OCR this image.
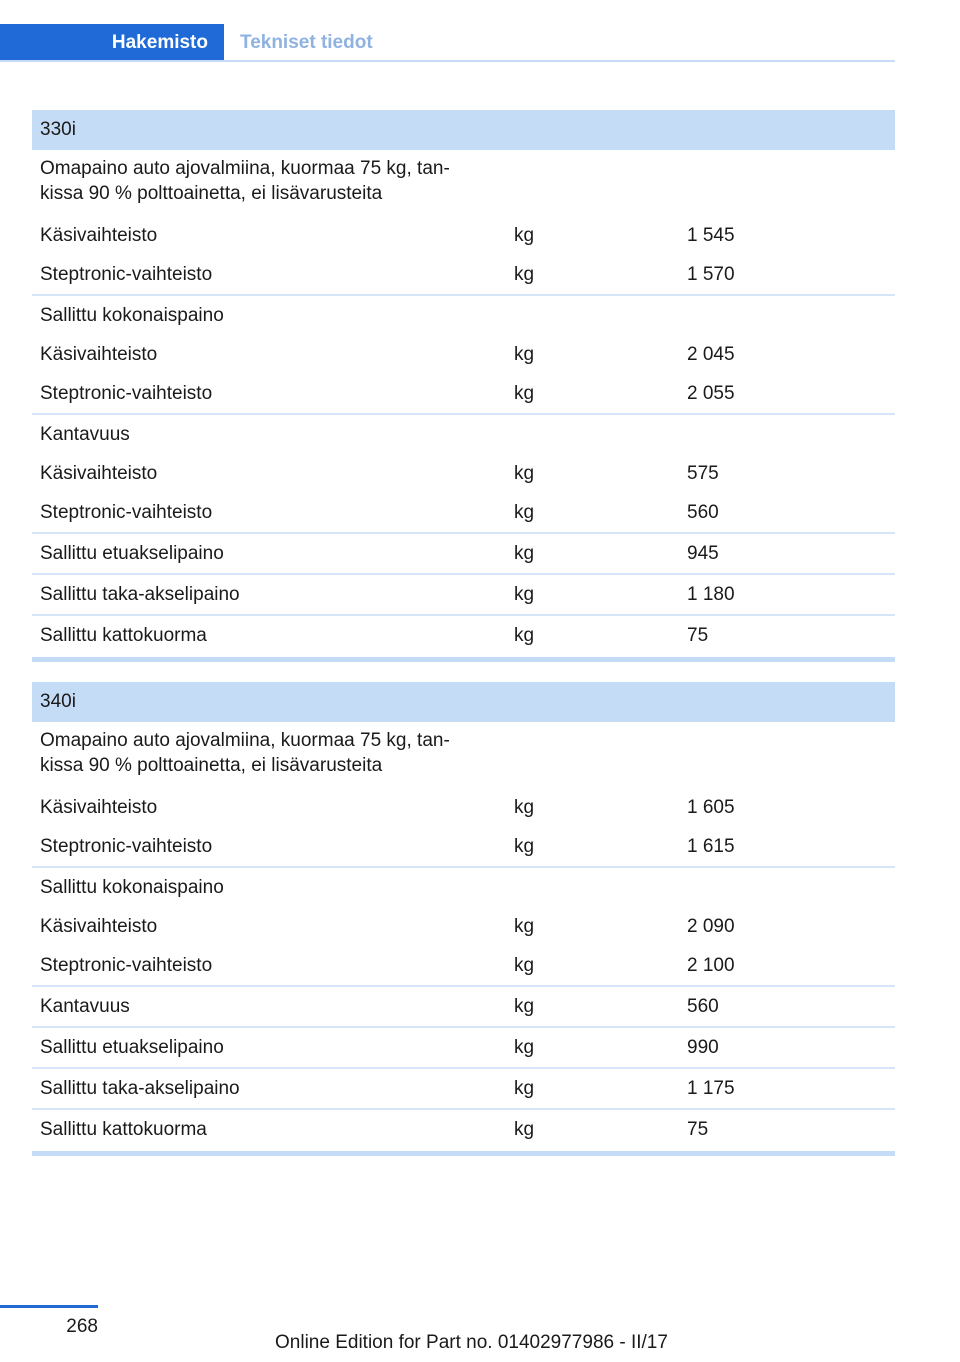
Hakemisto	Tekniset tiedot
330i
Omapaino auto ajovalmiina, kuormaa 75 kg, tan-kissa 90 % polttoainetta, ei lisävarusteita
Käsivaihteisto	kg	1 545
Steptronic-vaihteisto	kg	1 570
Sallittu kokonaispaino
Käsivaihteisto	kg	2 045
Steptronic-vaihteisto	kg	2 055
Kantavuus
Käsivaihteisto	kg	575
Steptronic-vaihteisto	kg	560
Sallittu etuakselipaino	kg	945
Sallittu taka-akselipaino	kg	1 180
Sallittu kattokuorma	kg	75
340i
Omapaino auto ajovalmiina, kuormaa 75 kg, tan-kissa 90 % polttoainetta, ei lisävarusteita
Käsivaihteisto	kg	1 605
Steptronic-vaihteisto	kg	1 615
Sallittu kokonaispaino
Käsivaihteisto	kg	2 090
Steptronic-vaihteisto	kg	2 100
Kantavuus	kg	560
Sallittu etuakselipaino	kg	990
Sallittu taka-akselipaino	kg	1 175
Sallittu kattokuorma	kg	75
268
Online Edition for Part no. 01402977986 - II/17
